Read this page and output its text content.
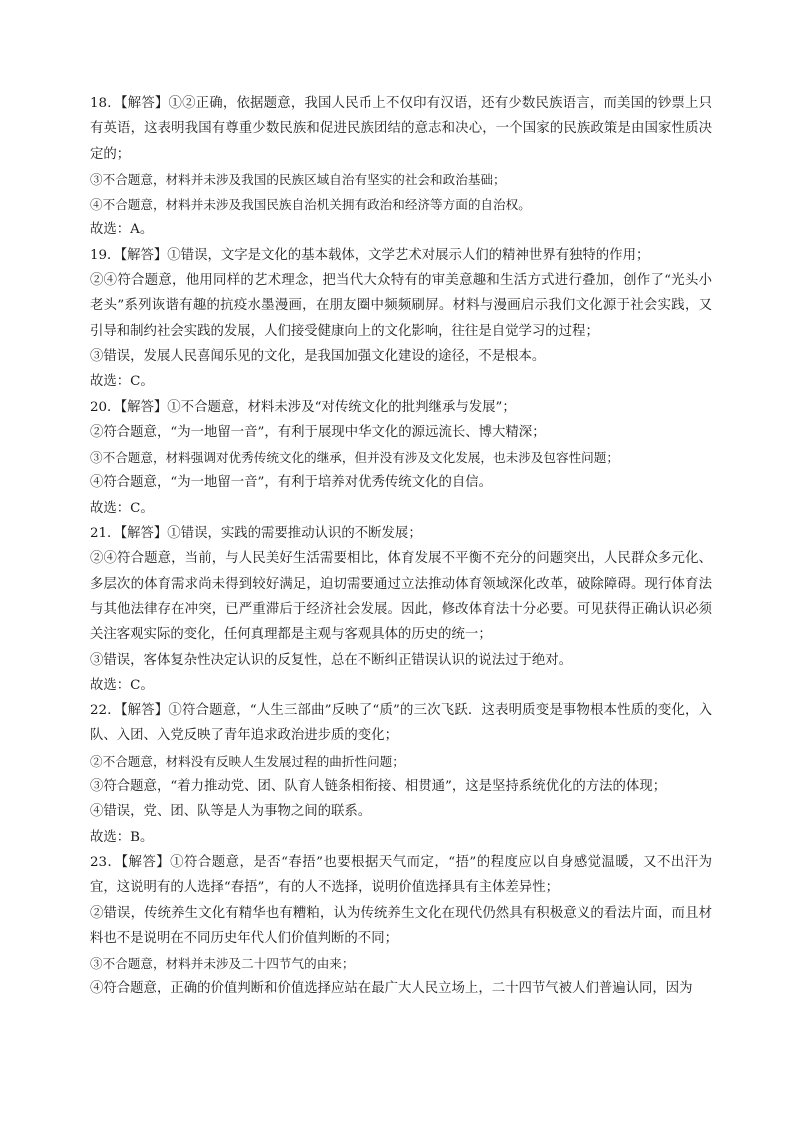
18．【解答】①②正确，依据题意，我国人民币上不仅印有汉语，还有少数民族语言，而美国的钞票上只有英语，这表明我国有尊重少数民族和促进民族团结的意志和决心，一个国家的民族政策是由国家性质决定的；

③不合题意，材料并未涉及我国的民族区域自治有坚实的社会和政治基础；

④不合题意，材料并未涉及我国民族自治机关拥有政治和经济等方面的自治权。

故选：A。

19．【解答】①错误，文字是文化的基本载体，文学艺术对展示人们的精神世界有独特的作用；

②④符合题意，他用同样的艺术理念，把当代大众特有的审美意趣和生活方式进行叠加，创作了“光头小老头”系列诙谐有趣的抗疫水墨漫画，在朋友圈中频频刷屏。材料与漫画启示我们文化源于社会实践，又引导和制约社会实践的发展，人们接受健康向上的文化影响，往往是自觉学习的过程；

③错误，发展人民喜闻乐见的文化，是我国加强文化建设的途径，不是根本。

故选：C。

20．【解答】①不合题意，材料未涉及“对传统文化的批判继承与发展”；

②符合题意，“为一地留一音”，有利于展现中华文化的源远流长、博大精深；

③不合题意，材料强调对优秀传统文化的继承，但并没有涉及文化发展，也未涉及包容性问题；

④符合题意，“为一地留一音”，有利于培养对优秀传统文化的自信。

故选：C。

21．【解答】①错误，实践的需要推动认识的不断发展；

②④符合题意，当前，与人民美好生活需要相比，体育发展不平衡不充分的问题突出，人民群众多元化、多层次的体育需求尚未得到较好满足，迫切需要通过立法推动体育领域深化改革，破除障碍。现行体育法与其他法律存在冲突，已严重滞后于经济社会发展。因此，修改体育法十分必要。可见获得正确认识必须关注客观实际的变化，任何真理都是主观与客观具体的历史的统一；

③错误，客体复杂性决定认识的反复性，总在不断纠正错误认识的说法过于绝对。

故选：C。

22．【解答】①符合题意，“人生三部曲”反映了“质”的三次飞跃．这表明质变是事物根本性质的变化，入队、入团、入党反映了青年追求政治进步质的变化；

②不合题意，材料没有反映人生发展过程的曲折性问题；

③符合题意，“着力推动党、团、队育人链条相衔接、相贯通”，这是坚持系统优化的方法的体现；

④错误，党、团、队等是人为事物之间的联系。

故选：B。

23．【解答】①符合题意，是否“春捂”也要根据天气而定，“捂”的程度应以自身感觉温暖，又不出汗为宜，这说明有的人选择“春捂”，有的人不选择，说明价值选择具有主体差异性；

②错误，传统养生文化有精华也有糟粕，认为传统养生文化在现代仍然具有积极意义的看法片面，而且材料也不是说明在不同历史年代人们价值判断的不同；

③不合题意，材料并未涉及二十四节气的由来；

④符合题意，正确的价值判断和价值选择应站在最广大人民立场上，二十四节气被人们普遍认同，因为
